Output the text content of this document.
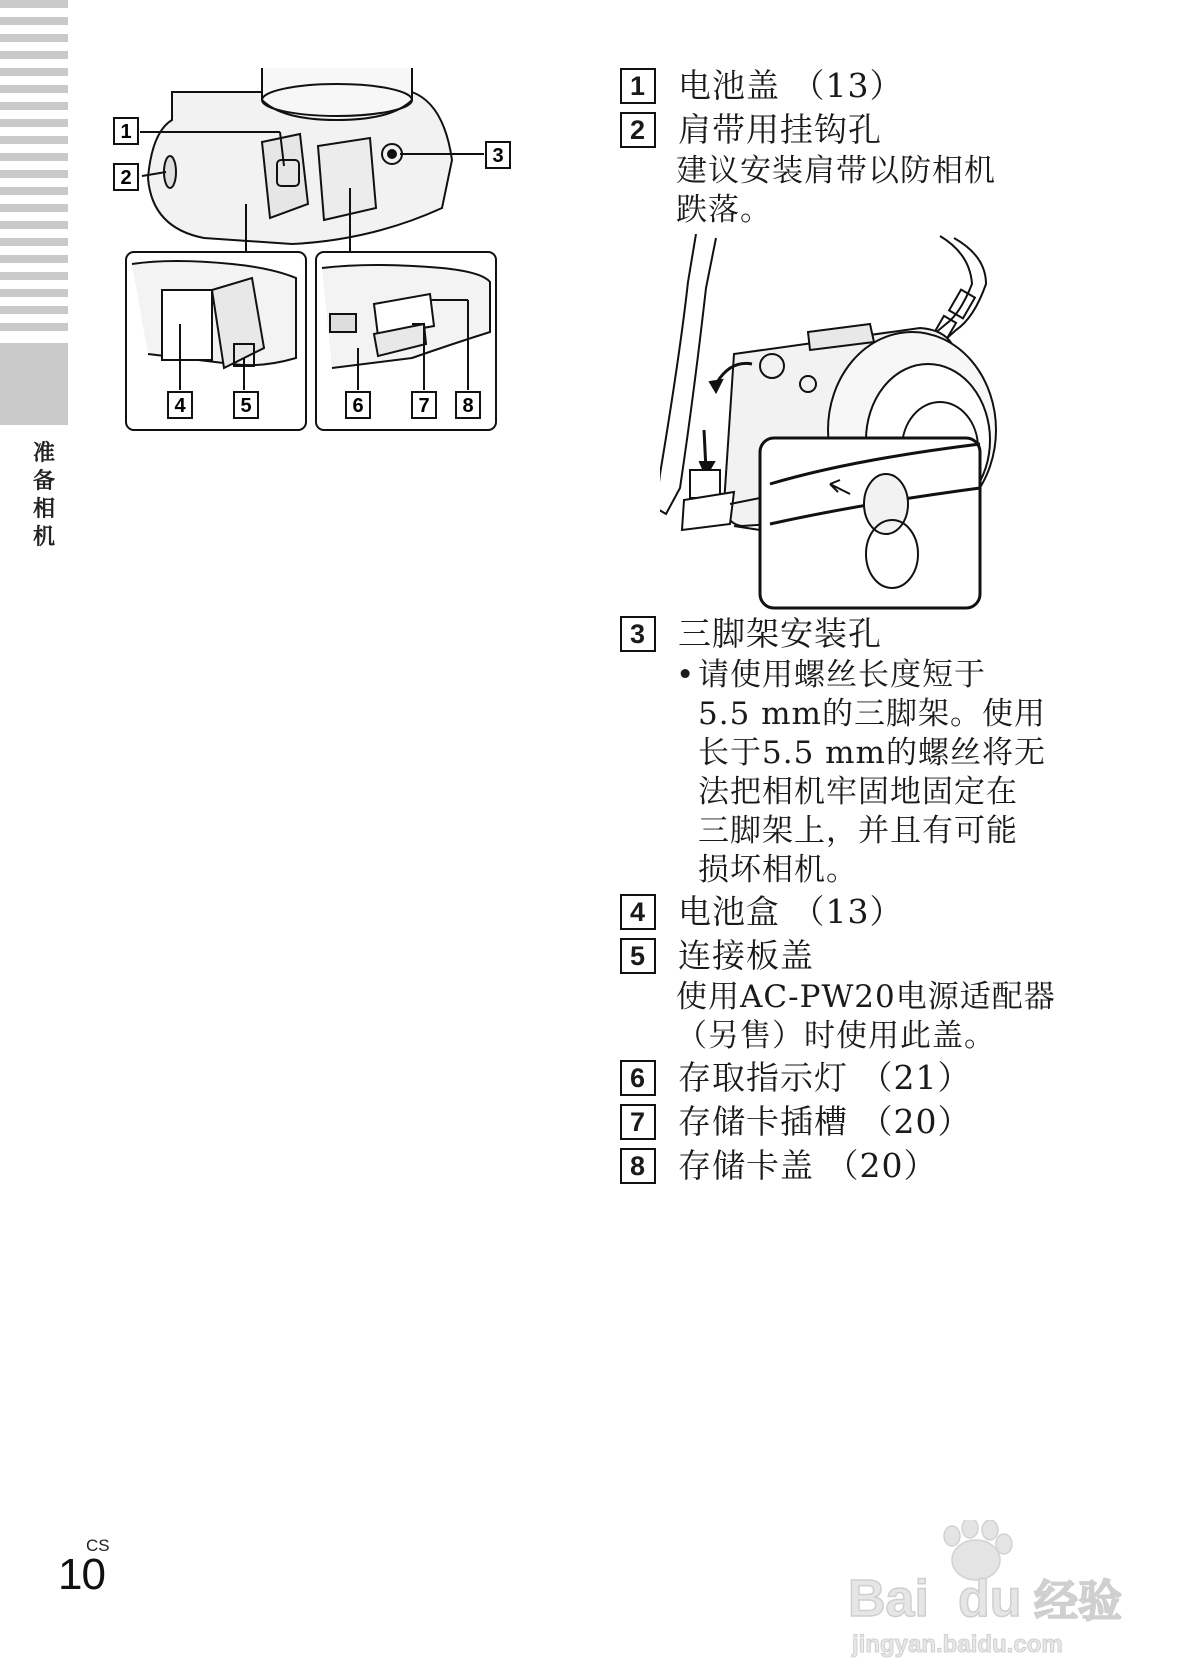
准
备
相
机
1
2
3
4	5	6	7 8
1 电池盖 （13）
2 肩带用挂钩孔
建议安装肩带以防相机
跌落。
3 三脚架安装孔
• 请使用螺丝长度短于
5.5 mm的三脚架。使用
长于5.5 mm的螺丝将无
法把相机牢固地固定在
三脚架上，并且有可能
损坏相机。
4 电池盒 （13）
5 连接板盖
使用AC-PW20电源适配器
（另售）时使用此盖。
6 存取指示灯 （21）
7 存储卡插槽 （20）
8 存储卡盖 （20）
CS
10	Bai du 经验
jingyan.baidu.com
